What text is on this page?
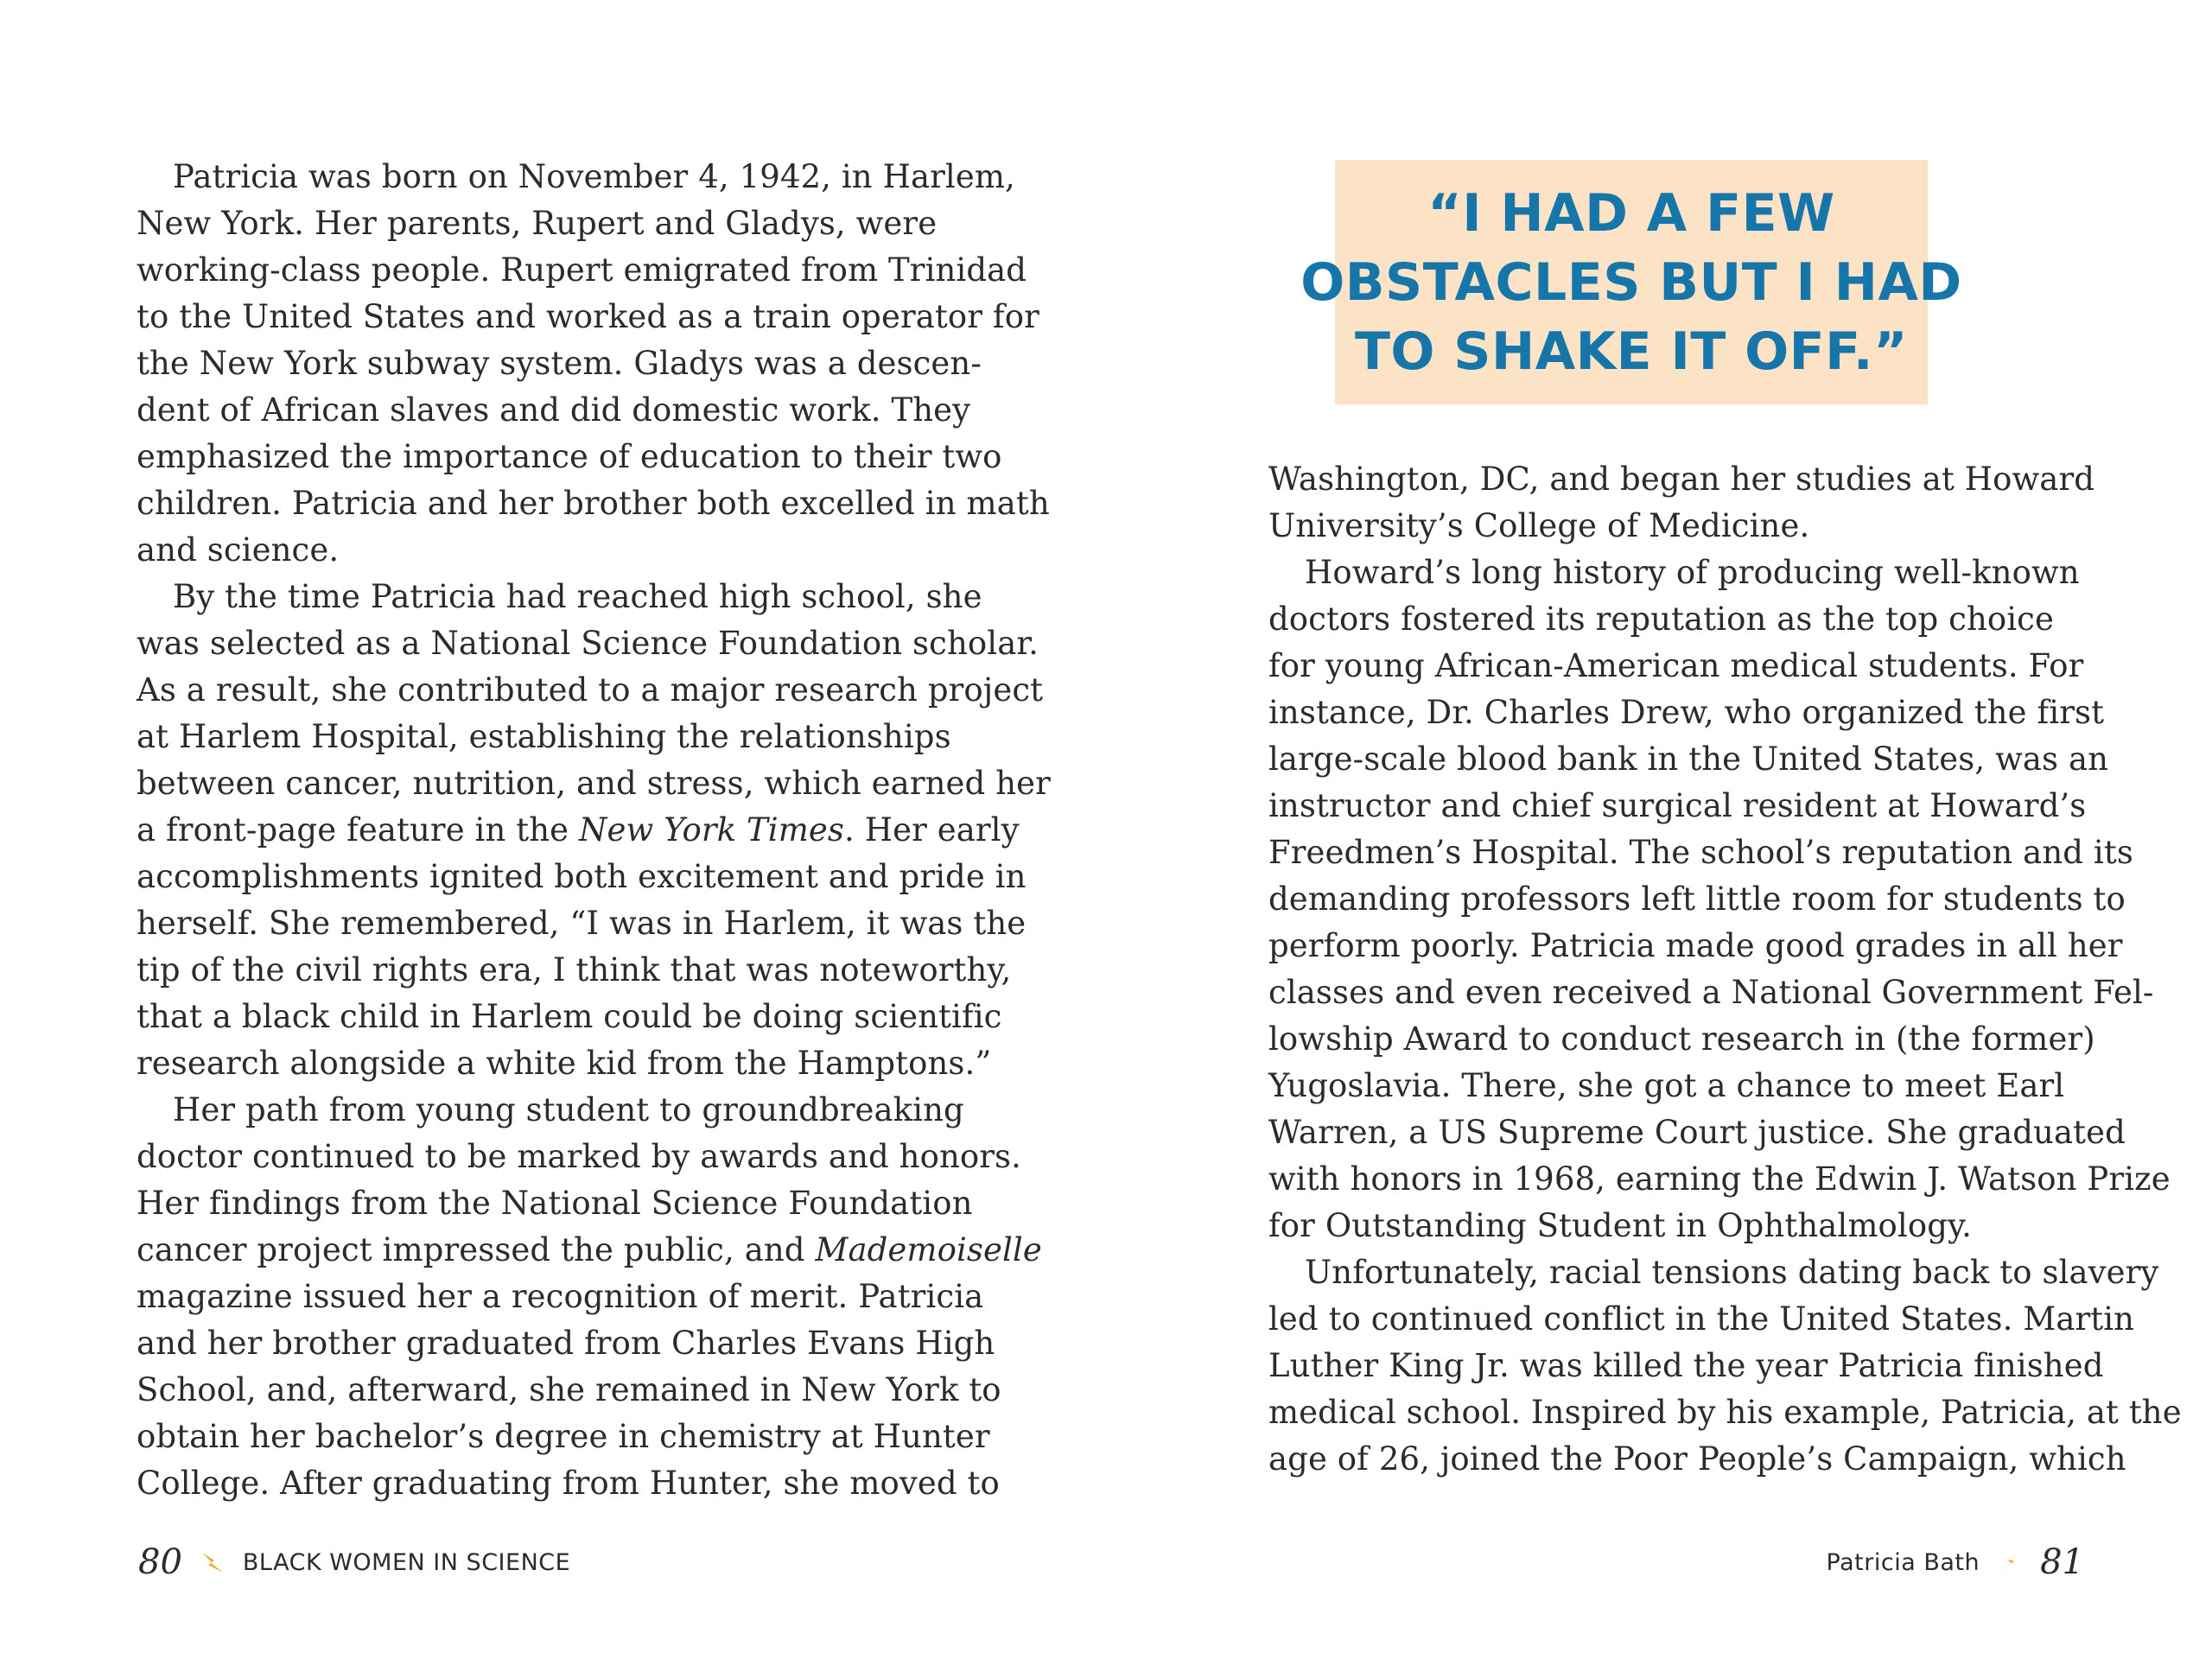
Patricia was born on November 4, 1942, in Harlem,
New York. Her parents, Rupert and Gladys, were
working-class people. Rupert emigrated from Trinidad
to the United States and worked as a train operator for
the New York subway system. Gladys was a descen-
dent of African slaves and did domestic work. They
emphasized the importance of education to their two
children. Patricia and her brother both excelled in math
and science.
By the time Patricia had reached high school, she
was selected as a National Science Foundation scholar.
As a result, she contributed to a major research project
at Harlem Hospital, establishing the relationships
between cancer, nutrition, and stress, which earned her
a front-page feature in the New York Times. Her early
accomplishments ignited both excitement and pride in
herself. She remembered, “I was in Harlem, it was the
tip of the civil rights era, I think that was noteworthy,
that a black child in Harlem could be doing scientific
research alongside a white kid from the Hamptons.”
Her path from young student to groundbreaking
doctor continued to be marked by awards and honors.
Her findings from the National Science Foundation
cancer project impressed the public, and Mademoiselle
magazine issued her a recognition of merit. Patricia
and her brother graduated from Charles Evans High
School, and, afterward, she remained in New York to
obtain her bachelor’s degree in chemistry at Hunter
College. After graduating from Hunter, she moved to
80	BLACK WOMEN IN SCIENCE
“I HAD A FEW
OBSTACLES BUT I HAD
TO SHAKE IT OFF.”
Washington, DC, and began her studies at Howard
University’s College of Medicine.
Howard’s long history of producing well-known
doctors fostered its reputation as the top choice
for young African-American medical students. For
instance, Dr. Charles Drew, who organized the first
large-scale blood bank in the United States, was an
instructor and chief surgical resident at Howard’s
Freedmen’s Hospital. The school’s reputation and its
demanding professors left little room for students to
perform poorly. Patricia made good grades in all her
classes and even received a National Government Fel-
lowship Award to conduct research in (the former)
Yugoslavia. There, she got a chance to meet Earl
Warren, a US Supreme Court justice. She graduated
with honors in 1968, earning the Edwin J. Watson Prize
for Outstanding Student in Ophthalmology.
Unfortunately, racial tensions dating back to slavery
led to continued conflict in the United States. Martin
Luther King Jr. was killed the year Patricia finished
medical school. Inspired by his example, Patricia, at the
age of 26, joined the Poor People’s Campaign, which
Patricia Bath 81
